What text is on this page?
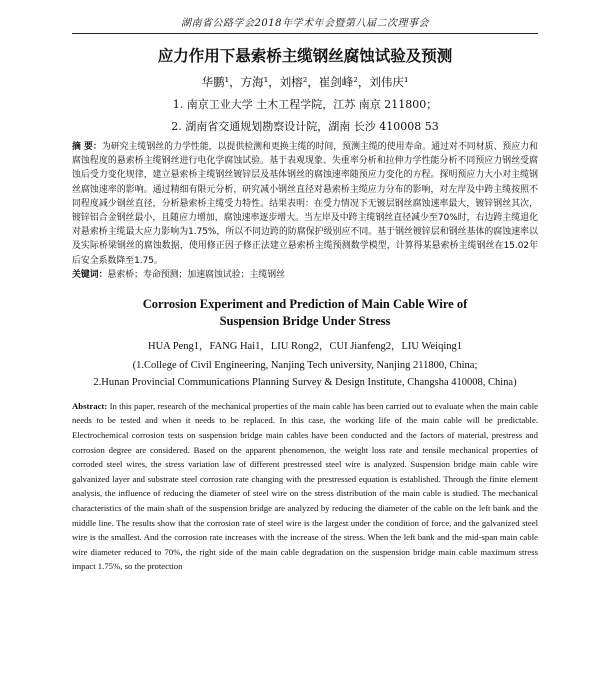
湖南省公路学会2018年学术年会暨第八届二次理事会
应力作用下悬索桥主缆钢丝腐蚀试验及预测
华鹏¹，方海¹，刘榕²，崔剑峰²，刘伟庆¹
1. 南京工业大学 土木工程学院，江苏 南京 211800；
2. 湖南省交通规划勘察设计院，湖南 长沙 410008 53

摘 要：为研究主缆钢丝的力学性能，以提供检测和更换主缆的时间，预测主缆的使用寿命。通过对不同材质、预应力和腐蚀程度的悬索桥主缆钢丝进行电化学腐蚀试验。基于表观现象、失重率分析和拉伸力学性能分析不同预应力钢丝受腐蚀后受力变化规律，建立悬索桥主缆钢丝镀锌层及基体钢丝的腐蚀速率随预应力变化的方程。探明预应力大小对主缆钢丝腐蚀速率的影响。通过精细有限元分析，研究减小钢丝直径对悬索桥主缆应力分布的影响，对左岸及中跨主缆按照不同程度减少钢丝直径，分析悬索桥主缆受力特性。结果表明：在受力情况下无镀层钢丝腐蚀速率最大，镀锌钢丝其次，镀锌铝合金钢丝最小，且随应力增加，腐蚀速率逐步增大。当左岸及中跨主缆钢丝直径减少至70%时，右边跨主缆退化对悬索桥主缆最大应力影响为1.75%，所以不同边跨的防腐保护级别应不同。基于钢丝镀锌层和钢丝基体的腐蚀速率以及实际桥梁钢丝的腐蚀数据，使用修正因子修正法建立悬索桥主缆预测数学模型，计算得某悬索桥主缆钢丝在15.02年后安全系数降至1.75。

关键词：悬索桥；寿命预测；加速腐蚀试验；主缆钢丝

Corrosion Experiment and Prediction of Main Cable Wire of
Suspension Bridge Under Stress
HUA Peng1，FANG Hai1，LIU Rong2，CUI Jianfeng2，LIU Weiqing1
(1.College of Civil Engineering, Nanjing Tech university, Nanjing 211800, China;
2.Hunan Provincial Communications Planning Survey & Design Institute, Changsha 410008, China)

Abstract: In this paper, research of the mechanical properties of the main cable has been carried out to evaluate when the main cable needs to be tested and when it needs to be replaced. In this case, the working life of the main cable will be predictable. Electrochemical corrosion tests on suspension bridge main cables have been conducted and the factors of material, prestress and corrosion degree are considered. Based on the apparent phenomenon, the weight loss rate and tensile mechanical properties of corroded steel wires, the stress variation law of different prestressed steel wire is analyzed. Suspension bridge main cable wire galvanized layer and substrate steel corrosion rate changing with the prestressed equation is established. Through the finite element analysis, the influence of reducing the diameter of steel wire on the stress distribution of the main cable is studied. The mechanical characteristics of the main shaft of the suspension bridge are analyzed by reducing the diameter of the cable on the left bank and the middle line. The results show that the corrosion rate of steel wire is the largest under the condition of force, and the galvanized steel wire is the smallest. And the corrosion rate increases with the increase of the stress. When the left bank and the mid-span main cable wire diameter reduced to 70%, the right side of the main cable degradation on the suspension bridge main cable maximum stress impact 1.75%, so the protection
